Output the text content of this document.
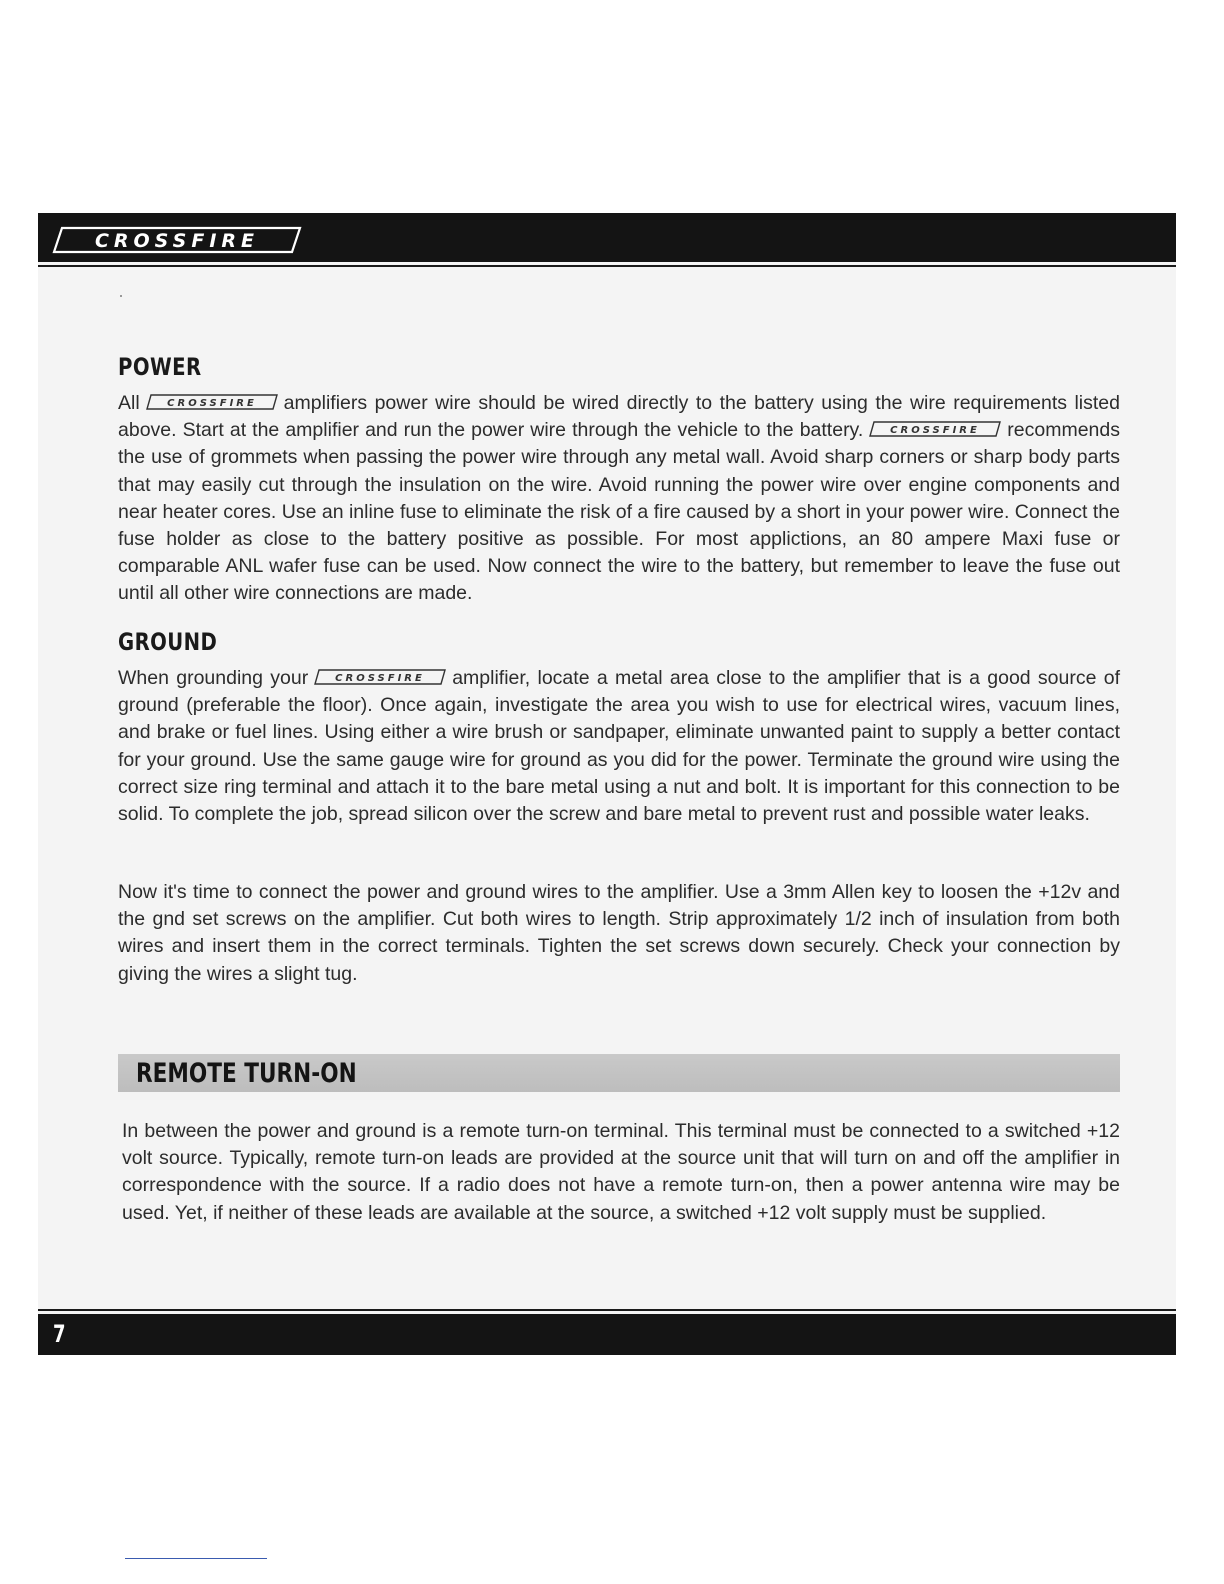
CROSSFIRE
POWER

All	CROSSFIRE amplifiers power wire should be wired directly to the battery using the wire requirements listed above. Start at the amplifier and run the power wire through the vehicle to the battery.	CROSSFIRE recommends the use of grommets when passing the power wire through any metal wall. Avoid sharp corners or sharp body parts that may easily cut through the insulation on the wire. Avoid running the power wire over engine components and near heater cores. Use an inline fuse to eliminate the risk of a fire caused by a short in your power wire. Connect the fuse holder as close to the battery positive as possible. For most applictions, an 80 ampere Maxi fuse or comparable ANL wafer fuse can be used. Now connect the wire to the battery, but remember to leave the fuse out until all other wire connections are made.

GROUND

When grounding your	CROSSFIRE amplifier, locate a metal area close to the amplifier that is a good source of ground (preferable the floor). Once again, investigate the area you wish to use for electrical wires, vacuum lines, and brake or fuel lines. Using either a wire brush or sandpaper, eliminate unwanted paint to supply a better contact for your ground. Use the same gauge wire for ground as you did for the power. Terminate the ground wire using the correct size ring terminal and attach it to the bare metal using a nut and bolt. It is important for this connection to be solid. To complete the job, spread silicon over the screw and bare metal to prevent rust and possible water leaks.

Now it's time to connect the power and ground wires to the amplifier. Use a 3mm Allen key to loosen the +12v and the gnd set screws on the amplifier. Cut both wires to length. Strip approximately 1/2 inch of insulation from both wires and insert them in the correct terminals. Tighten the set screws down securely. Check your connection by giving the wires a slight tug.

REMOTE TURN-ON

In between the power and ground is a remote turn-on terminal. This terminal must be connected to a switched +12 volt source. Typically, remote turn-on leads are provided at the source unit that will turn on and off the amplifier in correspondence with the source. If a radio does not have a remote turn-on, then a power antenna wire may be used. Yet, if neither of these leads are available at the source, a switched +12 volt supply must be supplied.

7
